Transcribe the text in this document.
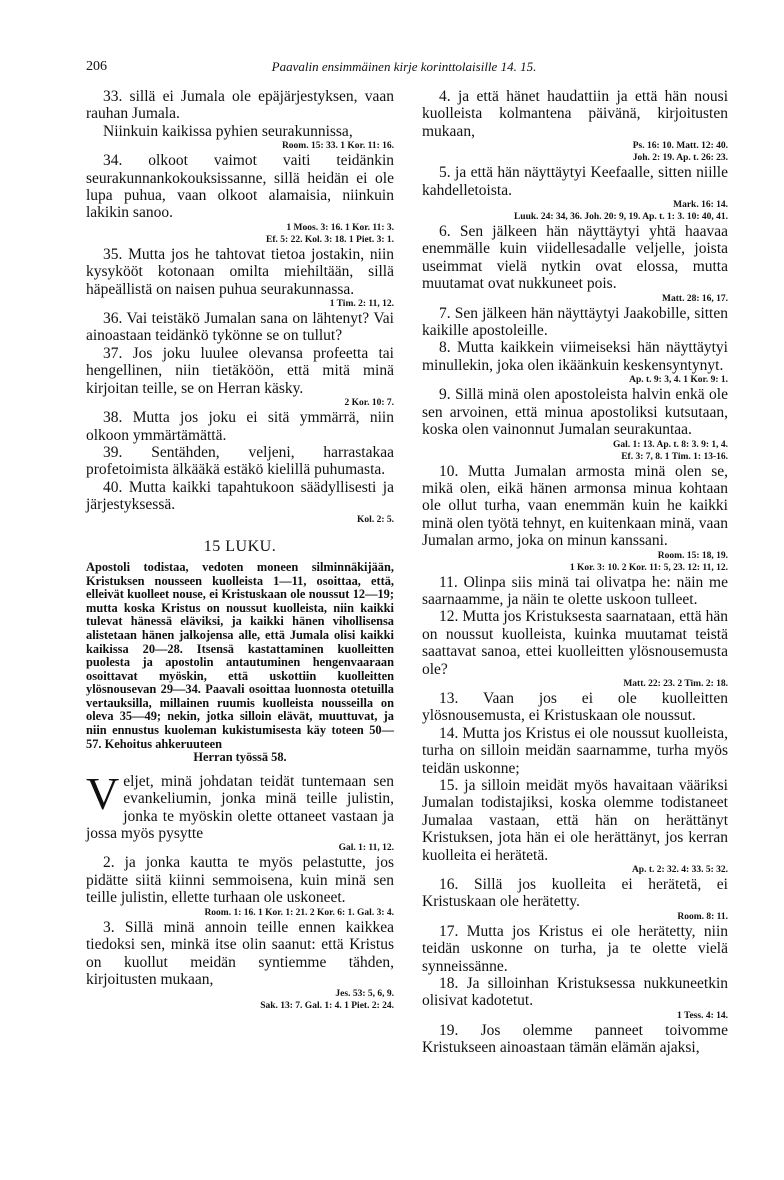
206	Paavalin ensimmäinen kirje korinttolaisille 14. 15.

33. sillä ei Jumala ole epäjärjestyksen, vaan rauhan Jumala.

Niinkuin kaikissa pyhien seurakunnissa,

Room. 15: 33. 1 Kor. 11: 16.

34. olkoot vaimot vaiti teidänkin seurakunnankokouksissanne, sillä heidän ei ole lupa puhua, vaan olkoot alamaisia, niinkuin lakikin sanoo.

1 Moos. 3: 16. 1 Kor. 11: 3.

Ef. 5: 22. Kol. 3: 18. 1 Piet. 3: 1.

35. Mutta jos he tahtovat tietoa jostakin, niin kysykööt kotonaan omilta miehiltään, sillä häpeällistä on naisen puhua seurakunnassa.

1 Tim. 2: 11, 12.

36. Vai teistäkö Jumalan sana on lähtenyt? Vai ainoastaan teidänkö tykönne se on tullut?

37. Jos joku luulee olevansa profeetta tai hengellinen, niin tietäköön, että mitä minä kirjoitan teille, se on Herran käsky.

2 Kor. 10: 7.

38. Mutta jos joku ei sitä ymmärrä, niin olkoon ymmärtämättä.

39. Sentähden, veljeni, harrastakaa profetoimista älkääkä estäkö kielillä puhumasta.

40. Mutta kaikki tapahtukoon säädyllisesti ja järjestyksessä.

Kol. 2: 5.

15 LUKU.

Apostoli todistaa, vedoten moneen silminnäkijään, Kristuksen nousseen kuolleista 1—11, osoittaa, että, elleivät kuolleet nouse, ei Kristuskaan ole noussut 12—19; mutta koska Kristus on noussut kuolleista, niin kaikki tulevat hänessä eläviksi, ja kaikki hänen vihollisensa alistetaan hänen jalkojensa alle, että Jumala olisi kaikki kaikissa 20—28. Itsensä kastattaminen kuolleitten puolesta ja apostolin antautuminen hengenvaaraan osoittavat myöskin, että uskottiin kuolleitten ylösnousevan 29—34. Paavali osoittaa luonnosta otetuilla vertauksilla, millainen ruumis kuolleista nousseilla on oleva 35—49; nekin, jotka silloin elävät, muuttuvat, ja niin ennustus kuoleman kukistumisesta käy toteen 50—57. Kehoitus ahkeruuteen

Herran työssä 58.

Veljet, minä johdatan teidät tuntemaan sen evankeliumin, jonka minä teille julistin, jonka te myöskin olette ottaneet vastaan ja jossa myös pysytte

Gal. 1: 11, 12.

2. ja jonka kautta te myös pelastutte, jos pidätte siitä kiinni semmoisena, kuin minä sen teille julistin, ellette turhaan ole uskoneet.

Room. 1: 16. 1 Kor. 1: 21. 2 Kor. 6: 1. Gal. 3: 4.

3. Sillä minä annoin teille ennen kaikkea tiedoksi sen, minkä itse olin saanut: että Kristus on kuollut meidän syntiemme tähden, kirjoitusten mukaan,

Jes. 53: 5, 6, 9.

Sak. 13: 7. Gal. 1: 4. 1 Piet. 2: 24.

4. ja että hänet haudattiin ja että hän nousi kuolleista kolmantena päivänä, kirjoitusten mukaan,

Ps. 16: 10. Matt. 12: 40.

Joh. 2: 19. Ap. t. 26: 23.

5. ja että hän näyttäytyi Keefaalle, sitten niille kahdelletoista.

Mark. 16: 14.

Luuk. 24: 34, 36. Joh. 20: 9, 19. Ap. t. 1: 3. 10: 40, 41.

6. Sen jälkeen hän näyttäytyi yhtä haavaa enemmälle kuin viidellesadalle veljelle, joista useimmat vielä nytkin ovat elossa, mutta muutamat ovat nukkuneet pois.

Matt. 28: 16, 17.

7. Sen jälkeen hän näyttäytyi Jaakobille, sitten kaikille apostoleille.

8. Mutta kaikkein viimeiseksi hän näyttäytyi minullekin, joka olen ikäänkuin keskensyntynyt.

Ap. t. 9: 3, 4. 1 Kor. 9: 1.

9. Sillä minä olen apostoleista halvin enkä ole sen arvoinen, että minua apostoliksi kutsutaan, koska olen vainonnut Jumalan seurakuntaa.

Gal. 1: 13. Ap. t. 8: 3. 9: 1, 4.

Ef. 3: 7, 8. 1 Tim. 1: 13-16.

10. Mutta Jumalan armosta minä olen se, mikä olen, eikä hänen armonsa minua kohtaan ole ollut turha, vaan enemmän kuin he kaikki minä olen työtä tehnyt, en kuitenkaan minä, vaan Jumalan armo, joka on minun kanssani.

Room. 15: 18, 19.

1 Kor. 3: 10. 2 Kor. 11: 5, 23. 12: 11, 12.

11. Olinpa siis minä tai olivatpa he: näin me saarnaamme, ja näin te olette uskoon tulleet.

12. Mutta jos Kristuksesta saarnataan, että hän on noussut kuolleista, kuinka muutamat teistä saattavat sanoa, ettei kuolleitten ylösnousemusta ole?

Matt. 22: 23. 2 Tim. 2: 18.

13. Vaan jos ei ole kuolleitten ylösnousemusta, ei Kristuskaan ole noussut.

14. Mutta jos Kristus ei ole noussut kuolleista, turha on silloin meidän saarnamme, turha myös teidän uskonne;

15. ja silloin meidät myös havaitaan vääriksi Jumalan todistajiksi, koska olemme todistaneet Jumalaa vastaan, että hän on herättänyt Kristuksen, jota hän ei ole herättänyt, jos kerran kuolleita ei herätetä.

Ap. t. 2: 32. 4: 33. 5: 32.

16. Sillä jos kuolleita ei herätetä, ei Kristuskaan ole herätetty.

Room. 8: 11.

17. Mutta jos Kristus ei ole herätetty, niin teidän uskonne on turha, ja te olette vielä synneissänne.

18. Ja silloinhan Kristuksessa nukkuneetkin olisivat kadotetut.

1 Tess. 4: 14.

19. Jos olemme panneet toivomme Kristukseen ainoastaan tämän elämän ajaksi,
